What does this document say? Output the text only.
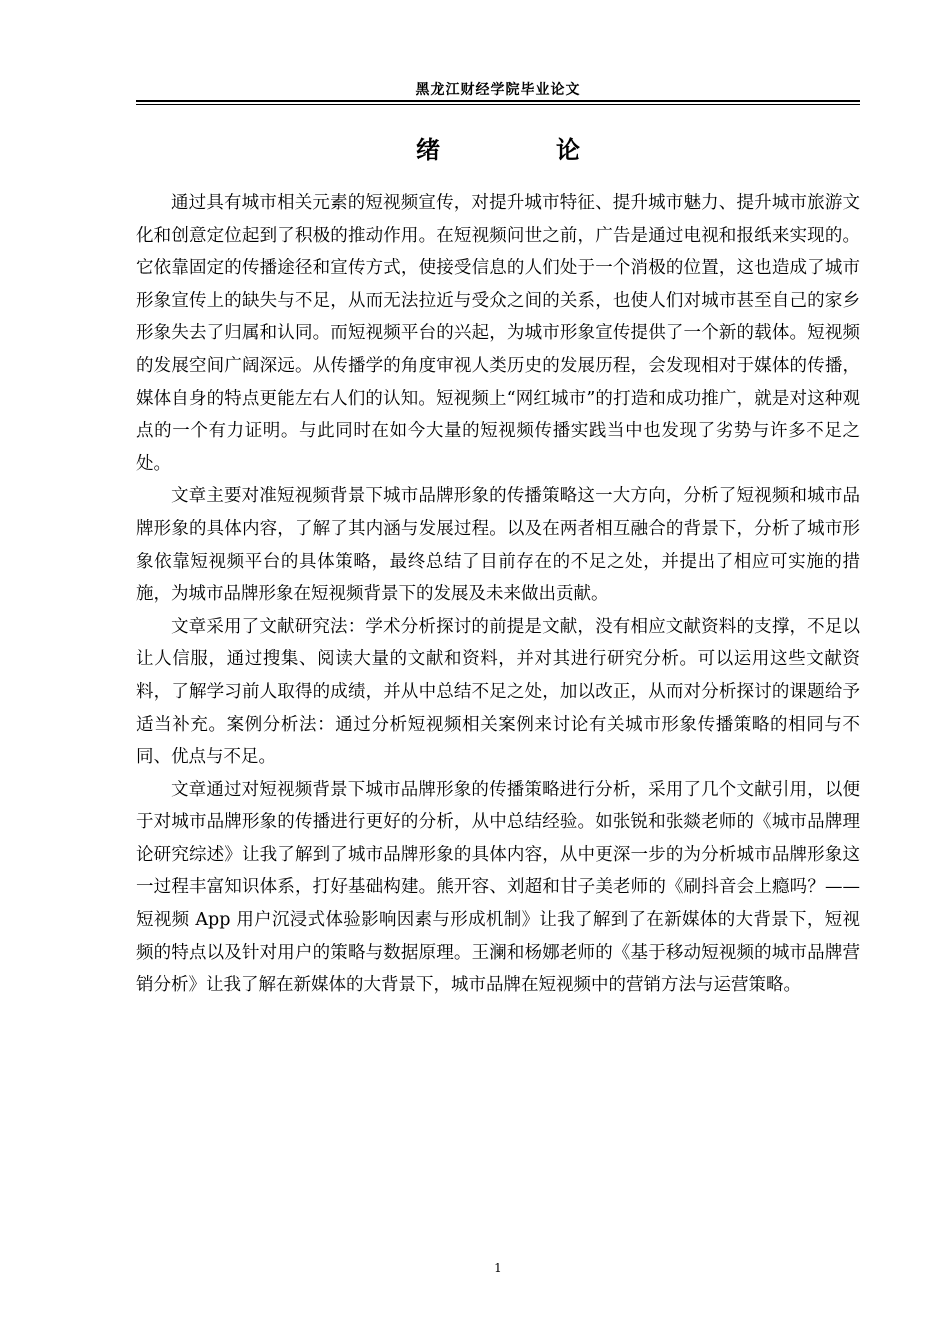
黑龙江财经学院毕业论文
绪　论

通过具有城市相关元素的短视频宣传，对提升城市特征、提升城市魅力、提升城市旅游文化和创意定位起到了积极的推动作用。在短视频问世之前，广告是通过电视和报纸来实现的。它依靠固定的传播途径和宣传方式，使接受信息的人们处于一个消极的位置，这也造成了城市形象宣传上的缺失与不足，从而无法拉近与受众之间的关系，也使人们对城市甚至自己的家乡形象失去了归属和认同。而短视频平台的兴起，为城市形象宣传提供了一个新的载体。短视频的发展空间广阔深远。从传播学的角度审视人类历史的发展历程，会发现相对于媒体的传播，媒体自身的特点更能左右人们的认知。短视频上“网红城市”的打造和成功推广，就是对这种观点的一个有力证明。与此同时在如今大量的短视频传播实践当中也发现了劣势与许多不足之处。

文章主要对准短视频背景下城市品牌形象的传播策略这一大方向，分析了短视频和城市品牌形象的具体内容，了解了其内涵与发展过程。以及在两者相互融合的背景下，分析了城市形象依靠短视频平台的具体策略，最终总结了目前存在的不足之处，并提出了相应可实施的措施，为城市品牌形象在短视频背景下的发展及未来做出贡献。

文章采用了文献研究法：学术分析探讨的前提是文献，没有相应文献资料的支撑，不足以让人信服，通过搜集、阅读大量的文献和资料，并对其进行研究分析。可以运用这些文献资料，了解学习前人取得的成绩，并从中总结不足之处，加以改正，从而对分析探讨的课题给予适当补充。案例分析法：通过分析短视频相关案例来讨论有关城市形象传播策略的相同与不同、优点与不足。

文章通过对短视频背景下城市品牌形象的传播策略进行分析，采用了几个文献引用，以便于对城市品牌形象的传播进行更好的分析，从中总结经验。如张锐和张燚老师的《城市品牌理论研究综述》让我了解到了城市品牌形象的具体内容，从中更深一步的为分析城市品牌形象这一过程丰富知识体系，打好基础构建。熊开容、刘超和甘子美老师的《刷抖音会上瘾吗？——短视频 App 用户沉浸式体验影响因素与形成机制》让我了解到了在新媒体的大背景下，短视频的特点以及针对用户的策略与数据原理。王澜和杨娜老师的《基于移动短视频的城市品牌营销分析》让我了解在新媒体的大背景下，城市品牌在短视频中的营销方法与运营策略。

1
